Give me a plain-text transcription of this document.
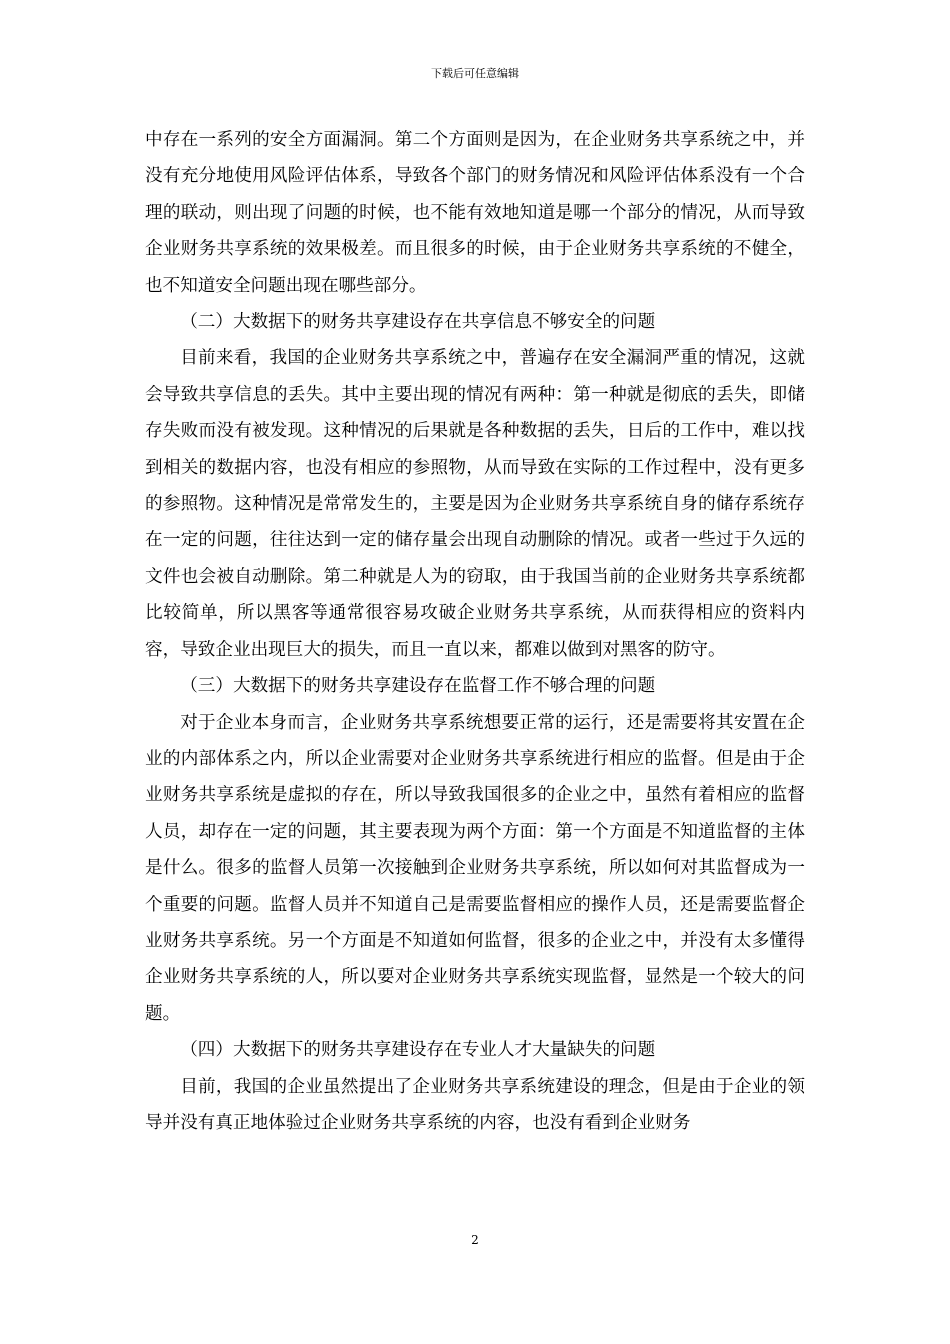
下载后可任意编辑

中存在一系列的安全方面漏洞。第二个方面则是因为，在企业财务共享系统之中，并没有充分地使用风险评估体系，导致各个部门的财务情况和风险评估体系没有一个合理的联动，则出现了问题的时候，也不能有效地知道是哪一个部分的情况，从而导致企业财务共享系统的效果极差。而且很多的时候，由于企业财务共享系统的不健全，也不知道安全问题出现在哪些部分。

（二）大数据下的财务共享建设存在共享信息不够安全的问题

目前来看，我国的企业财务共享系统之中，普遍存在安全漏洞严重的情况，这就会导致共享信息的丢失。其中主要出现的情况有两种：第一种就是彻底的丢失，即储存失败而没有被发现。这种情况的后果就是各种数据的丢失，日后的工作中，难以找到相关的数据内容，也没有相应的参照物，从而导致在实际的工作过程中，没有更多的参照物。这种情况是常常发生的，主要是因为企业财务共享系统自身的储存系统存在一定的问题，往往达到一定的储存量会出现自动删除的情况。或者一些过于久远的文件也会被自动删除。第二种就是人为的窃取，由于我国当前的企业财务共享系统都比较简单，所以黑客等通常很容易攻破企业财务共享系统，从而获得相应的资料内容，导致企业出现巨大的损失，而且一直以来，都难以做到对黑客的防守。

（三）大数据下的财务共享建设存在监督工作不够合理的问题

对于企业本身而言，企业财务共享系统想要正常的运行，还是需要将其安置在企业的内部体系之内，所以企业需要对企业财务共享系统进行相应的监督。但是由于企业财务共享系统是虚拟的存在，所以导致我国很多的企业之中，虽然有着相应的监督人员，却存在一定的问题，其主要表现为两个方面：第一个方面是不知道监督的主体是什么。很多的监督人员第一次接触到企业财务共享系统，所以如何对其监督成为一个重要的问题。监督人员并不知道自己是需要监督相应的操作人员，还是需要监督企业财务共享系统。另一个方面是不知道如何监督，很多的企业之中，并没有太多懂得企业财务共享系统的人，所以要对企业财务共享系统实现监督，显然是一个较大的问题。

（四）大数据下的财务共享建设存在专业人才大量缺失的问题

目前，我国的企业虽然提出了企业财务共享系统建设的理念，但是由于企业的领导并没有真正地体验过企业财务共享系统的内容，也没有看到企业财务

2
